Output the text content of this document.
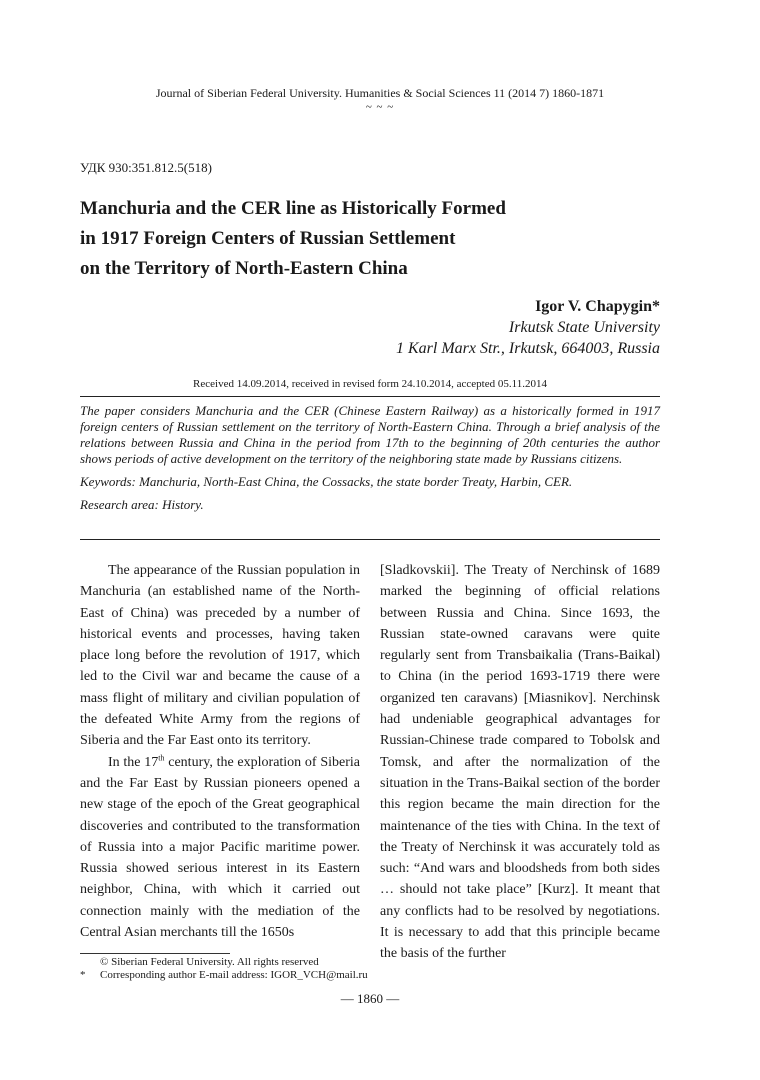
Journal of Siberian Federal University. Humanities & Social Sciences 11 (2014 7) 1860-1871
~ ~ ~
УДК 930:351.812.5(518)
Manchuria and the CER line as Historically Formed
in 1917 Foreign Centers of Russian Settlement
on the Territory of North-Eastern China
Igor V. Chapygin*
Irkutsk State University
1 Karl Marx Str., Irkutsk, 664003, Russia
Received 14.09.2014, received in revised form 24.10.2014, accepted 05.11.2014

The paper considers Manchuria and the CER (Chinese Eastern Railway) as a historically formed in 1917 foreign centers of Russian settlement on the territory of North-Eastern China. Through a brief analysis of the relations between Russia and China in the period from 17th to the beginning of 20th centuries the author shows periods of active development on the territory of the neighboring state made by Russians citizens.

Keywords: Manchuria, North-East China, the Cossacks, the state border Treaty, Harbin, CER.

Research area: History.

The appearance of the Russian population in Manchuria (an established name of the North-East of China) was preceded by a number of historical events and processes, having taken place long before the revolution of 1917, which led to the Civil war and became the cause of a mass flight of military and civilian population of the defeated White Army from the regions of Siberia and the Far East onto its territory.

In the 17th century, the exploration of Siberia and the Far East by Russian pioneers opened a new stage of the epoch of the Great geographical discoveries and contributed to the transformation of Russia into a major Pacific maritime power. Russia showed serious interest in its Eastern neighbor, China, with which it carried out connection mainly with the mediation of the Central Asian merchants till the 1650s

[Sladkovskii]. The Treaty of Nerchinsk of 1689 marked the beginning of official relations between Russia and China. Since 1693, the Russian state-owned caravans were quite regularly sent from Transbaikalia (Trans-Baikal) to China (in the period 1693-1719 there were organized ten caravans) [Miasnikov]. Nerchinsk had undeniable geographical advantages for Russian-Chinese trade compared to Tobolsk and Tomsk, and after the normalization of the situation in the Trans-Baikal section of the border this region became the main direction for the maintenance of the ties with China. In the text of the Treaty of Nerchinsk it was accurately told as such: “And wars and bloodsheds from both sides … should not take place” [Kurz]. It meant that any conflicts had to be resolved by negotiations. It is necessary to add that this principle became the basis of the further

© Siberian Federal University. All rights reserved
* Corresponding author E-mail address: IGOR_VCH@mail.ru
— 1860 —
